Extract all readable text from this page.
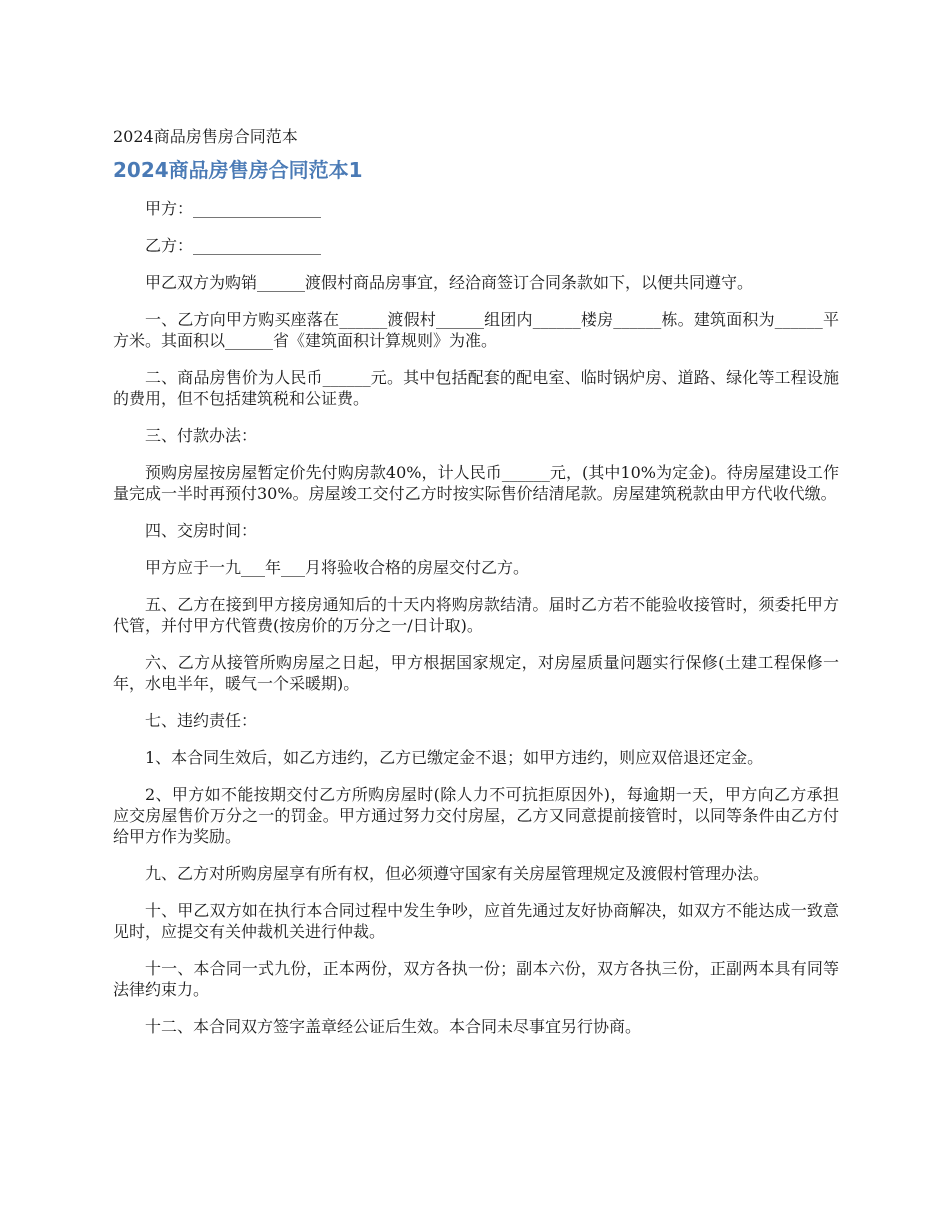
2024商品房售房合同范本
2024商品房售房合同范本1

甲方：________________

乙方：________________

甲乙双方为购销______渡假村商品房事宜，经洽商签订合同条款如下，以便共同遵守。

一、乙方向甲方购买座落在______渡假村______组团内______楼房______栋。建筑面积为______平方米。其面积以______省《建筑面积计算规则》为准。

二、商品房售价为人民币______元。其中包括配套的配电室、临时锅炉房、道路、绿化等工程设施的费用，但不包括建筑税和公证费。

三、付款办法：

预购房屋按房屋暂定价先付购房款40%，计人民币______元，(其中10%为定金)。待房屋建设工作量完成一半时再预付30%。房屋竣工交付乙方时按实际售价结清尾款。房屋建筑税款由甲方代收代缴。

四、交房时间：

甲方应于一九___年___月将验收合格的房屋交付乙方。

五、乙方在接到甲方接房通知后的十天内将购房款结清。届时乙方若不能验收接管时，须委托甲方代管，并付甲方代管费(按房价的万分之一/日计取)。

六、乙方从接管所购房屋之日起，甲方根据国家规定，对房屋质量问题实行保修(土建工程保修一年，水电半年，暖气一个采暖期)。

七、违约责任：

1、本合同生效后，如乙方违约，乙方已缴定金不退；如甲方违约，则应双倍退还定金。

2、甲方如不能按期交付乙方所购房屋时(除人力不可抗拒原因外)，每逾期一天，甲方向乙方承担应交房屋售价万分之一的罚金。甲方通过努力交付房屋，乙方又同意提前接管时，以同等条件由乙方付给甲方作为奖励。

九、乙方对所购房屋享有所有权，但必须遵守国家有关房屋管理规定及渡假村管理办法。

十、甲乙双方如在执行本合同过程中发生争吵，应首先通过友好协商解决，如双方不能达成一致意见时，应提交有关仲裁机关进行仲裁。

十一、本合同一式九份，正本两份，双方各执一份；副本六份，双方各执三份，正副两本具有同等法律约束力。

十二、本合同双方签字盖章经公证后生效。本合同未尽事宜另行协商。
